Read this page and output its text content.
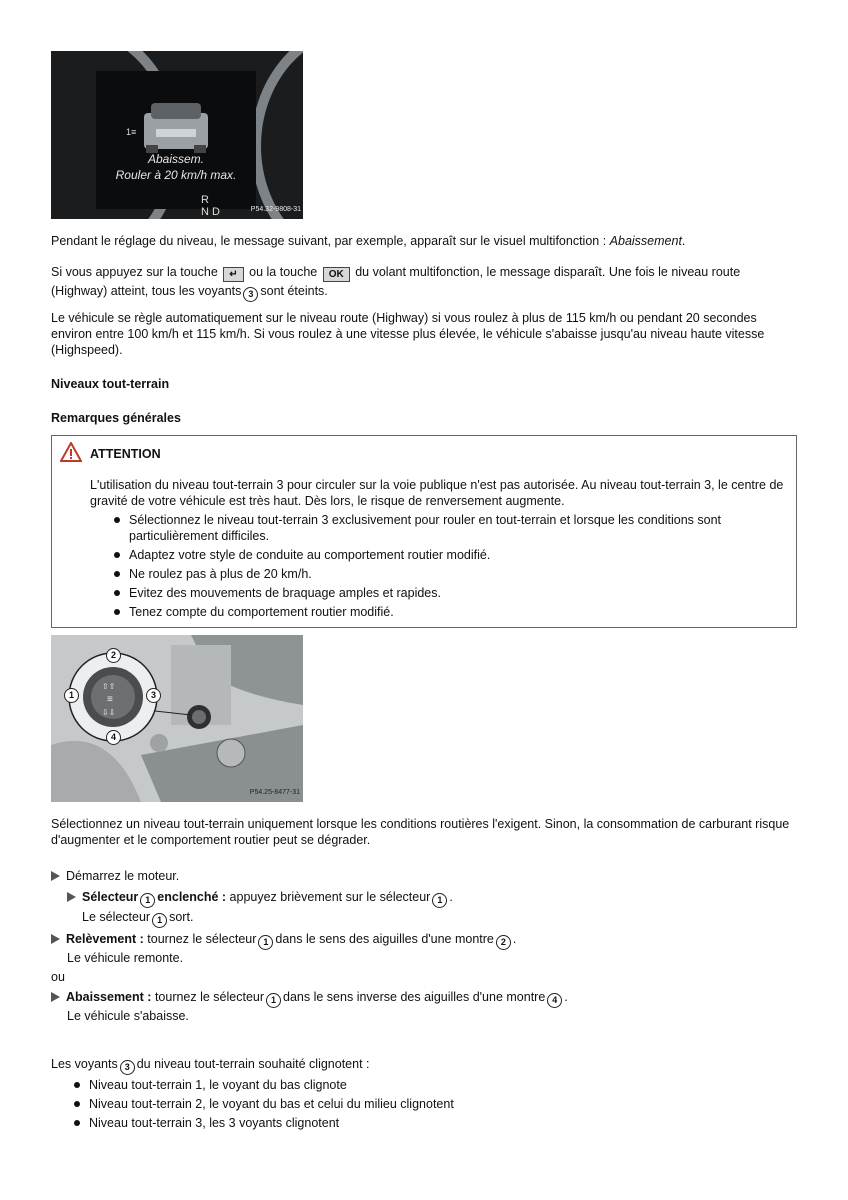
1≡
Abaissem.
Rouler à 20 km/h max.
R
N D	P54.32-9808-31

Pendant le réglage du niveau, le message suivant, par exemple, apparaît sur le visuel multifonction : Abaissement.

Si vous appuyez sur la touche ↵ ou la touche OK du volant multifonction, le message disparaît. Une fois le niveau route
(Highway) atteint, tous les voyants 3 sont éteints.

Le véhicule se règle automatiquement sur le niveau route (Highway) si vous roulez à plus de 115 km/h ou pendant 20 secondes environ entre 100 km/h et 115 km/h. Si vous roulez à une vitesse plus élevée, le véhicule s'abaisse jusqu'au niveau haute vitesse (Highspeed).

Niveaux tout-terrain

Remarques générales

ATTENTION

L'utilisation du niveau tout-terrain 3 pour circuler sur la voie publique n'est pas autorisée. Au niveau tout-terrain 3, le centre de gravité de votre véhicule est très haut. Dès lors, le risque de renversement augmente.

Sélectionnez le niveau tout-terrain 3 exclusivement pour rouler en tout-terrain et lorsque les conditions sont particulièrement difficiles.
Adaptez votre style de conduite au comportement routier modifié.
Ne roulez pas à plus de 20 km/h.
Evitez des mouvements de braquage amples et rapides.
Tenez compte du comportement routier modifié.
≡
⇧⇧
⇩⇩
1
2
3
4
P54.25-8477-31

Sélectionnez un niveau tout-terrain uniquement lorsque les conditions routières l'exigent. Sinon, la consommation de carburant risque d'augmenter et le comportement routier peut se dégrader.

Démarrez le moteur.

Sélecteur 1 enclenché : appuyez brièvement sur le sélecteur 1 .

Le sélecteur 1 sort.

Relèvement : tournez le sélecteur 1 dans le sens des aiguilles d'une montre 2 .

Le véhicule remonte.

ou

Abaissement : tournez le sélecteur 1 dans le sens inverse des aiguilles d'une montre 4 .

Le véhicule s'abaisse.

Les voyants 3 du niveau tout-terrain souhaité clignotent :

Niveau tout-terrain 1, le voyant du bas clignote

Niveau tout-terrain 2, le voyant du bas et celui du milieu clignotent

Niveau tout-terrain 3, les 3 voyants clignotent
